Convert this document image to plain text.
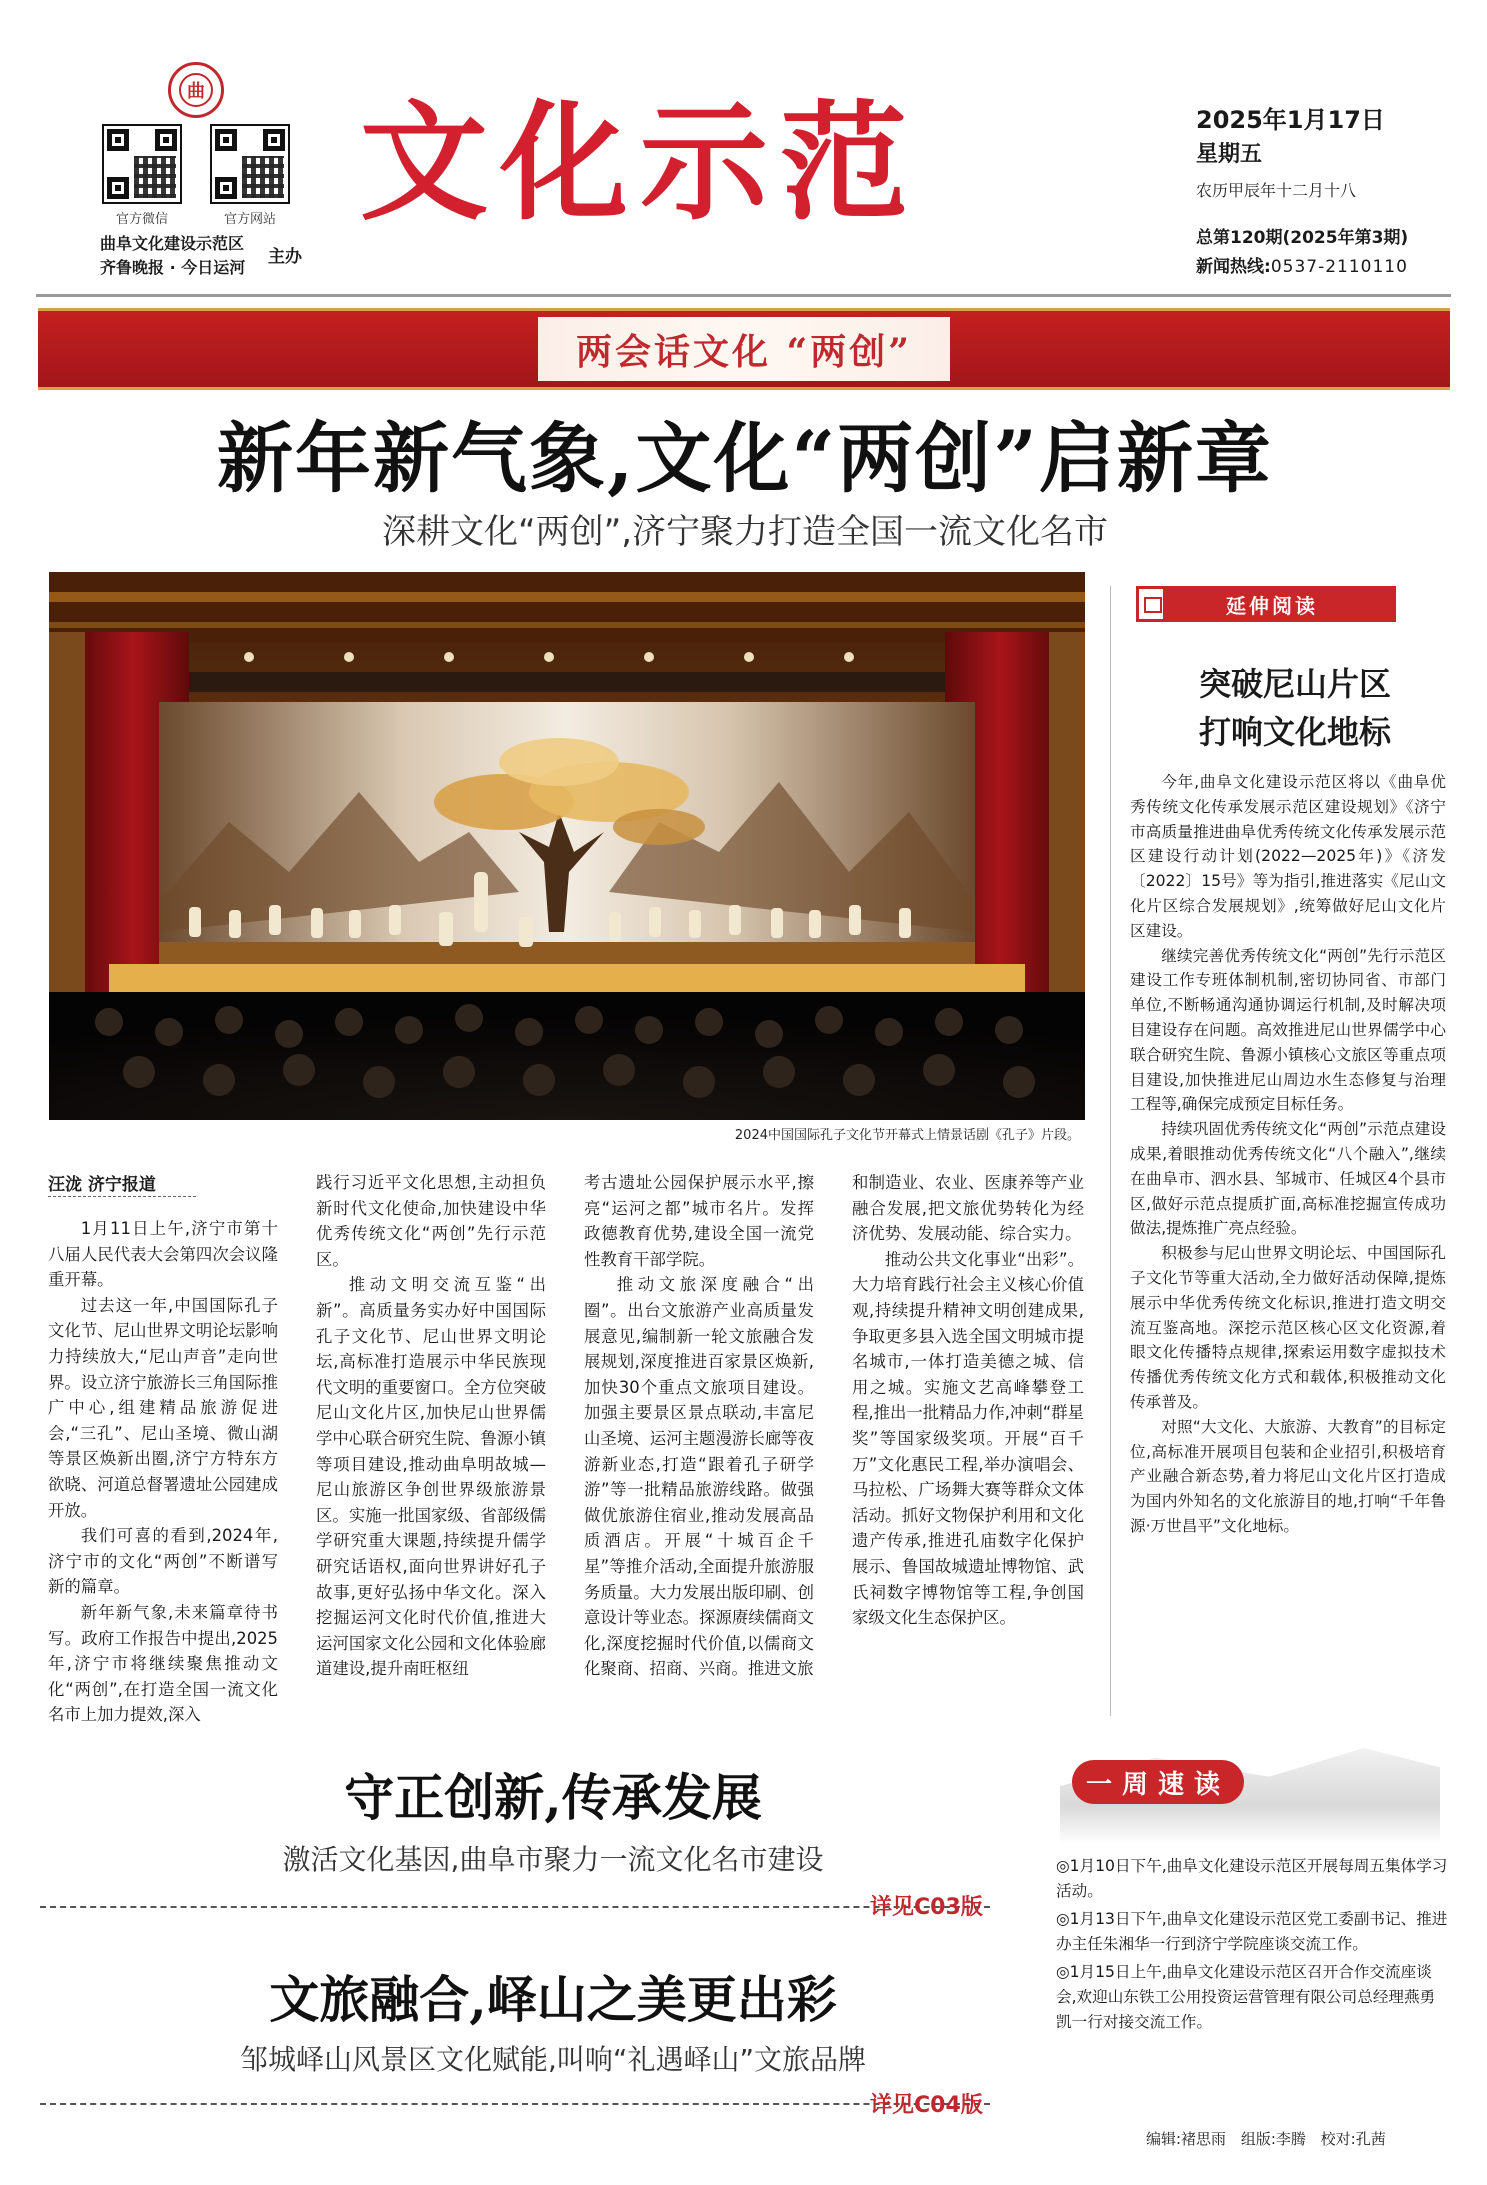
曲
官方微信	官方网站
曲阜文化建设示范区
齐鲁晚报 · 今日运河
主办
文化示范	2025年1月17日
星期五
农历甲辰年十二月十八
总第120期(2025年第3期)
新闻热线:0537-2110110
两会话文化 “两创”
新年新气象,文化“两创”启新章
深耕文化“两创”,济宁聚力打造全国一流文化名市
2024中国国际孔子文化节开幕式上情景话剧《孔子》片段。
汪泷 济宁报道

1月11日上午,济宁市第十八届人民代表大会第四次会议隆重开幕。

过去这一年,中国国际孔子文化节、尼山世界文明论坛影响力持续放大,“尼山声音”走向世界。设立济宁旅游长三角国际推广中心,组建精品旅游促进会,“三孔”、尼山圣境、微山湖等景区焕新出圈,济宁方特东方欲晓、河道总督署遗址公园建成开放。

我们可喜的看到,2024年,济宁市的文化“两创”不断谱写新的篇章。

新年新气象,未来篇章待书写。政府工作报告中提出,2025年,济宁市将继续聚焦推动文化“两创”,在打造全国一流文化名市上加力提效,深入

践行习近平文化思想,主动担负新时代文化使命,加快建设中华优秀传统文化“两创”先行示范区。

推动文明交流互鉴“出新”。高质量务实办好中国国际孔子文化节、尼山世界文明论坛,高标准打造展示中华民族现代文明的重要窗口。全方位突破尼山文化片区,加快尼山世界儒学中心联合研究生院、鲁源小镇等项目建设,推动曲阜明故城—尼山旅游区争创世界级旅游景区。实施一批国家级、省部级儒学研究重大课题,持续提升儒学研究话语权,面向世界讲好孔子故事,更好弘扬中华文化。深入挖掘运河文化时代价值,推进大运河国家文化公园和文化体验廊道建设,提升南旺枢纽

考古遗址公园保护展示水平,擦亮“运河之都”城市名片。发挥政德教育优势,建设全国一流党性教育干部学院。

推动文旅深度融合“出圈”。出台文旅游产业高质量发展意见,编制新一轮文旅融合发展规划,深度推进百家景区焕新,加快30个重点文旅项目建设。加强主要景区景点联动,丰富尼山圣境、运河主题漫游长廊等夜游新业态,打造“跟着孔子研学游”等一批精品旅游线路。做强做优旅游住宿业,推动发展高品质酒店。开展“十城百企千星”等推介活动,全面提升旅游服务质量。大力发展出版印刷、创意设计等业态。探源赓续儒商文化,深度挖掘时代价值,以儒商文化聚商、招商、兴商。推进文旅

和制造业、农业、医康养等产业融合发展,把文旅优势转化为经济优势、发展动能、综合实力。

推动公共文化事业“出彩”。大力培育践行社会主义核心价值观,持续提升精神文明创建成果,争取更多县入选全国文明城市提名城市,一体打造美德之城、信用之城。实施文艺高峰攀登工程,推出一批精品力作,冲刺“群星奖”等国家级奖项。开展“百千万”文化惠民工程,举办演唱会、马拉松、广场舞大赛等群众文体活动。抓好文物保护利用和文化遗产传承,推进孔庙数字化保护展示、鲁国故城遗址博物馆、武氏祠数字博物馆等工程,争创国家级文化生态保护区。

延伸阅读
突破尼山片区
打响文化地标

今年,曲阜文化建设示范区将以《曲阜优秀传统文化传承发展示范区建设规划》《济宁市高质量推进曲阜优秀传统文化传承发展示范区建设行动计划(2022—2025年)》《济发〔2022〕15号》等为指引,推进落实《尼山文化片区综合发展规划》,统筹做好尼山文化片区建设。

继续完善优秀传统文化“两创”先行示范区建设工作专班体制机制,密切协同省、市部门单位,不断畅通沟通协调运行机制,及时解决项目建设存在问题。高效推进尼山世界儒学中心联合研究生院、鲁源小镇核心文旅区等重点项目建设,加快推进尼山周边水生态修复与治理工程等,确保完成预定目标任务。

持续巩固优秀传统文化“两创”示范点建设成果,着眼推动优秀传统文化“八个融入”,继续在曲阜市、泗水县、邹城市、任城区4个县市区,做好示范点提质扩面,高标准挖掘宣传成功做法,提炼推广亮点经验。

积极参与尼山世界文明论坛、中国国际孔子文化节等重大活动,全力做好活动保障,提炼展示中华优秀传统文化标识,推进打造文明交流互鉴高地。深挖示范区核心区文化资源,着眼文化传播特点规律,探索运用数字虚拟技术传播优秀传统文化方式和载体,积极推动文化传承普及。

对照“大文化、大旅游、大教育”的目标定位,高标准开展项目包装和企业招引,积极培育产业融合新态势,着力将尼山文化片区打造成为国内外知名的文化旅游目的地,打响“千年鲁源·万世昌平”文化地标。

守正创新,传承发展
激活文化基因,曲阜市聚力一流文化名市建设
详见C03版
文旅融合,峄山之美更出彩
邹城峄山风景区文化赋能,叫响“礼遇峄山”文旅品牌
详见C04版
一周速读
◎1月10日下午,曲阜文化建设示范区开展每周五集体学习活动。
◎1月13日下午,曲阜文化建设示范区党工委副书记、推进办主任朱湘华一行到济宁学院座谈交流工作。
◎1月15日上午,曲阜文化建设示范区召开合作交流座谈会,欢迎山东铁工公用投资运营管理有限公司总经理燕勇凯一行对接交流工作。
编辑:褚思雨 组版:李腾 校对:孔茜
